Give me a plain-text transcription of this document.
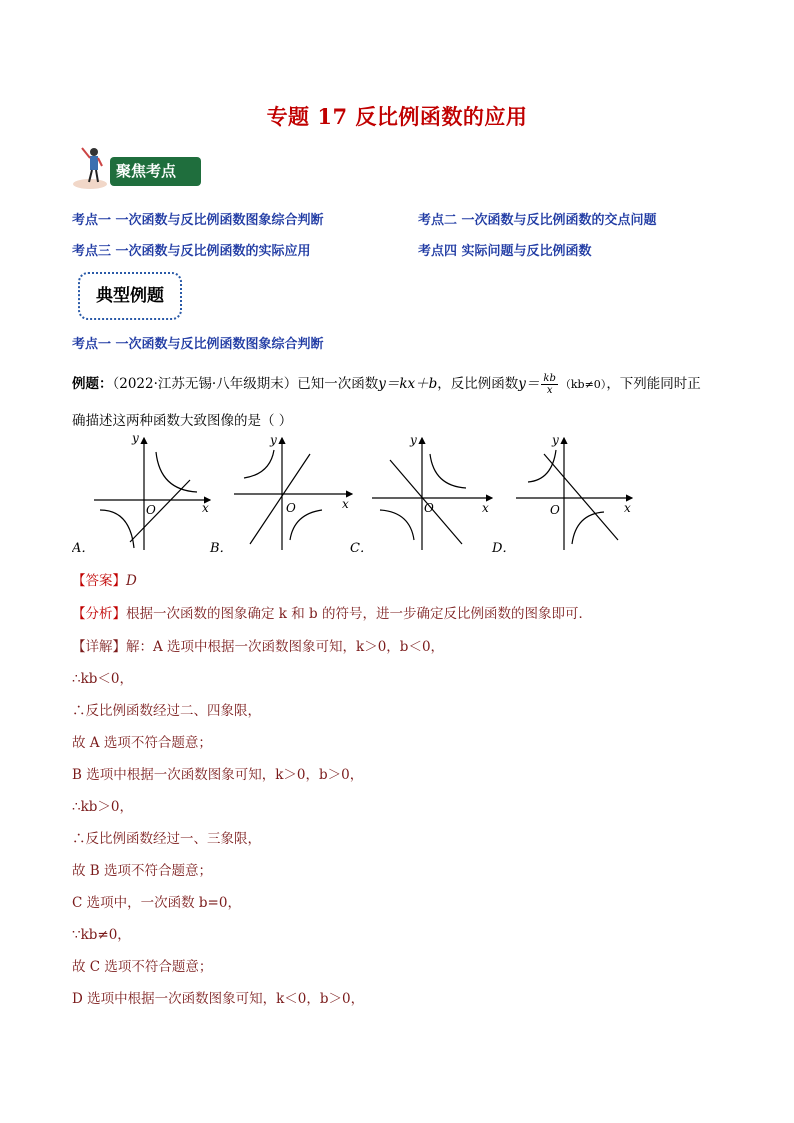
专题 17 反比例函数的应用
聚焦考点
考点一 一次函数与反比例函数图象综合判断	考点二 一次函数与反比例函数的交点问题
考点三 一次函数与反比例函数的实际应用	考点四 实际问题与反比例函数
典型例题
考点一 一次函数与反比例函数图象综合判断
例题：（2022·江苏无锡·八年级期末）已知一次函数y＝kx＋b，反比例函数$y= \frac{kb}{x} (kb\ne 0)$，下列能同时正
确描述这两种函数大致图像的是（ ）
y
x
O
A．
y
x
O
B．
y
x
O
C．
y
x
O
D．
【答案】D
【分析】根据一次函数的图象确定 k 和 b 的符号，进一步确定反比例函数的图象即可．
【详解】解：A 选项中根据一次函数图象可知，k＞0，b＜0，
∴kb＜0，
∴反比例函数经过二、四象限，
故 A 选项不符合题意；
B 选项中根据一次函数图象可知，k＞0，b＞0，
∴kb＞0，
∴反比例函数经过一、三象限，
故 B 选项不符合题意；
C 选项中，一次函数 b=0，
∵kb≠0，
故 C 选项不符合题意；
D 选项中根据一次函数图象可知，k＜0，b＞0，
